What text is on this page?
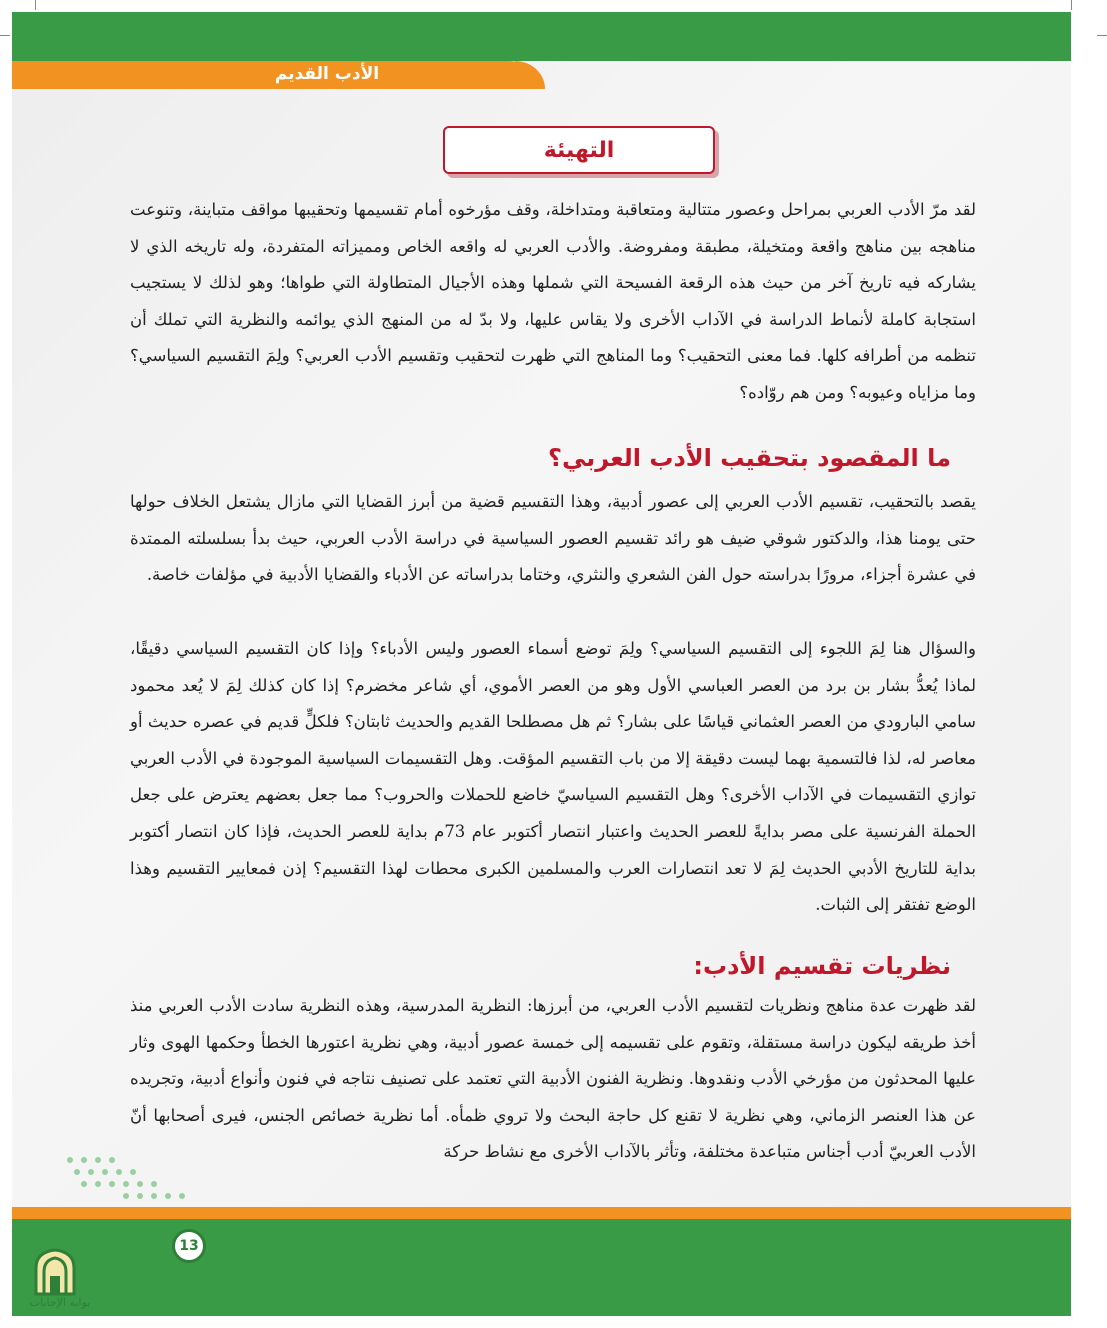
الأدب القديم
التهيئة
لقد مرّ الأدب العربي بمراحل وعصور متتالية ومتعاقبة ومتداخلة، وقف مؤرخوه أمام تقسيمها وتحقيبها مواقف متباينة، وتنوعت مناهجه بين مناهج واقعة ومتخيلة، مطبقة ومفروضة. والأدب العربي له واقعه الخاص ومميزاته المتفردة، وله تاريخه الذي لا يشاركه فيه تاريخ آخر من حيث هذه الرقعة الفسيحة التي شملها وهذه الأجيال المتطاولة التي طواها؛ وهو لذلك لا يستجيب استجابة كاملة لأنماط الدراسة في الآداب الأخرى ولا يقاس عليها، ولا بدّ له من المنهج الذي يوائمه والنظرية التي تملك أن تنظمه من أطرافه كلها. فما معنى التحقيب؟ وما المناهج التي ظهرت لتحقيب وتقسيم الأدب العربي؟ ولِمَ التقسيم السياسي؟ وما مزاياه وعيوبه؟ ومن هم روّاده؟
ما المقصود بتحقيب الأدب العربي؟
يقصد بالتحقيب، تقسيم الأدب العربي إلى عصور أدبية، وهذا التقسيم قضية من أبرز القضايا التي مازال يشتعل الخلاف حولها حتى يومنا هذا، والدكتور شوقي ضيف هو رائد تقسيم العصور السياسية في دراسة الأدب العربي، حيث بدأ بسلسلته الممتدة في عشرة أجزاء، مرورًا بدراسته حول الفن الشعري والنثري، وختاما بدراساته عن الأدباء والقضايا الأدبية في مؤلفات خاصة.
والسؤال هنا لِمَ اللجوء إلى التقسيم السياسي؟ ولِمَ توضع أسماء العصور وليس الأدباء؟ وإذا كان التقسيم السياسي دقيقًا، لماذا يُعدُّ بشار بن برد من العصر العباسي الأول وهو من العصر الأموي، أي شاعر مخضرم؟ إذا كان كذلك لِمَ لا يُعد محمود سامي البارودي من العصر العثماني قياسًا على بشار؟ ثم هل مصطلحا القديم والحديث ثابتان؟ فلكلٍّ قديم في عصره حديث أو معاصر له، لذا فالتسمية بهما ليست دقيقة إلا من باب التقسيم المؤقت. وهل التقسيمات السياسية الموجودة في الأدب العربي توازي التقسيمات في الآداب الأخرى؟ وهل التقسيم السياسيّ خاضع للحملات والحروب؟ مما جعل بعضهم يعترض على جعل الحملة الفرنسية على مصر بدايةً للعصر الحديث واعتبار انتصار أكتوبر عام 73م بداية للعصر الحديث، فإذا كان انتصار أكتوبر بداية للتاريخ الأدبي الحديث لِمَ لا تعد انتصارات العرب والمسلمين الكبرى محطات لهذا التقسيم؟ إذن فمعايير التقسيم وهذا الوضع تفتقر إلى الثبات.
نظريات تقسيم الأدب:
لقد ظهرت عدة مناهج ونظريات لتقسيم الأدب العربي، من أبرزها: النظرية المدرسية، وهذه النظرية سادت الأدب العربي منذ أخذ طريقه ليكون دراسة مستقلة، وتقوم على تقسيمه إلى خمسة عصور أدبية، وهي نظرية اعتورها الخطأ وحكمها الهوى وثار عليها المحدثون من مؤرخي الأدب ونقدوها. ونظرية الفنون الأدبية التي تعتمد على تصنيف نتاجه في فنون وأنواع أدبية، وتجريده عن هذا العنصر الزماني، وهي نظرية لا تقنع كل حاجة البحث ولا تروي ظمأه. أما نظرية خصائص الجنس، فيرى أصحابها أنّ الأدب العربيّ أدب أجناس متباعدة مختلفة، وتأثر بالآداب الأخرى مع نشاط حركة
13
بوابة الإجابات
